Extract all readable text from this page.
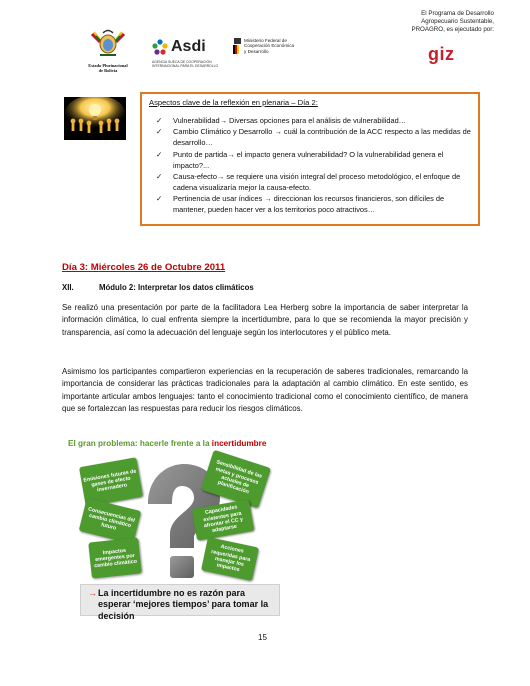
El Programa de Desarrollo
Agropecuario Sustentable,
PROAGRO, es ejecutado por:
Estado Plurinacional
de Bolivia
Asdi
AGENCIA SUECA DE COOPERACIÓN
INTERNACIONAL PARA EL DESARROLLO
Ministerio Federal de
Cooperación Económica
y Desarrollo	giz
Aspectos clave de la reflexión en plenaria – Día 2:
✓ Vulnerabilidad→ Diversas opciones para el análisis de vulnerabilidad…
✓ Cambio Climático y Desarrollo → cuál la contribución de la ACC respecto a las medidas de desarrollo…
✓ Punto de partida→ el impacto genera vulnerabilidad? O la vulnerabilidad genera el impacto?...
✓ Causa-efecto→ se requiere una visión integral del proceso metodológico, el enfoque de cadena visualizaría mejor la causa-efecto.
✓ Pertinencia de usar índices → direccionan los recursos financieros, son difíciles de mantener, pueden hacer ver a los territorios poco atractivos…
Día 3: Miércoles 26 de Octubre 2011
XII.	Módulo 2: Interpretar los datos climáticos
Se realizó una presentación por parte de la facilitadora Lea Herberg sobre la importancia de saber interpretar la información climática, lo cual enfrenta siempre la incertidumbre, para lo que se recomienda la mayor precisión y transparencia, así como la adecuación del lenguaje según los interlocutores y el público meta.
Asimismo los participantes compartieron experiencias en la recuperación de saberes tradicionales, remarcando la importancia de considerar las prácticas tradicionales para la adaptación al cambio climático. En este sentido, es importante articular ambos lenguajes: tanto el conocimiento tradicional como el conocimiento científico, de manera que se fortalezcan las respuestas para reducir los riesgos climáticos.
El gran problema: hacerle frente a la incertidumbre
Emisiones futuras de gases de efecto invernadero
Sensibilidad de las metas y procesos actuales de planificación
Consecuencias del cambio climático futuro
Capacidades existentes para afrontar el CC y adaptarse
Impactos emergentes por cambio climático
Acciones requeridas para manejar los impactos
→ La incertidumbre no es razón para esperar ‘mejores tiempos’ para tomar la decisión
15
